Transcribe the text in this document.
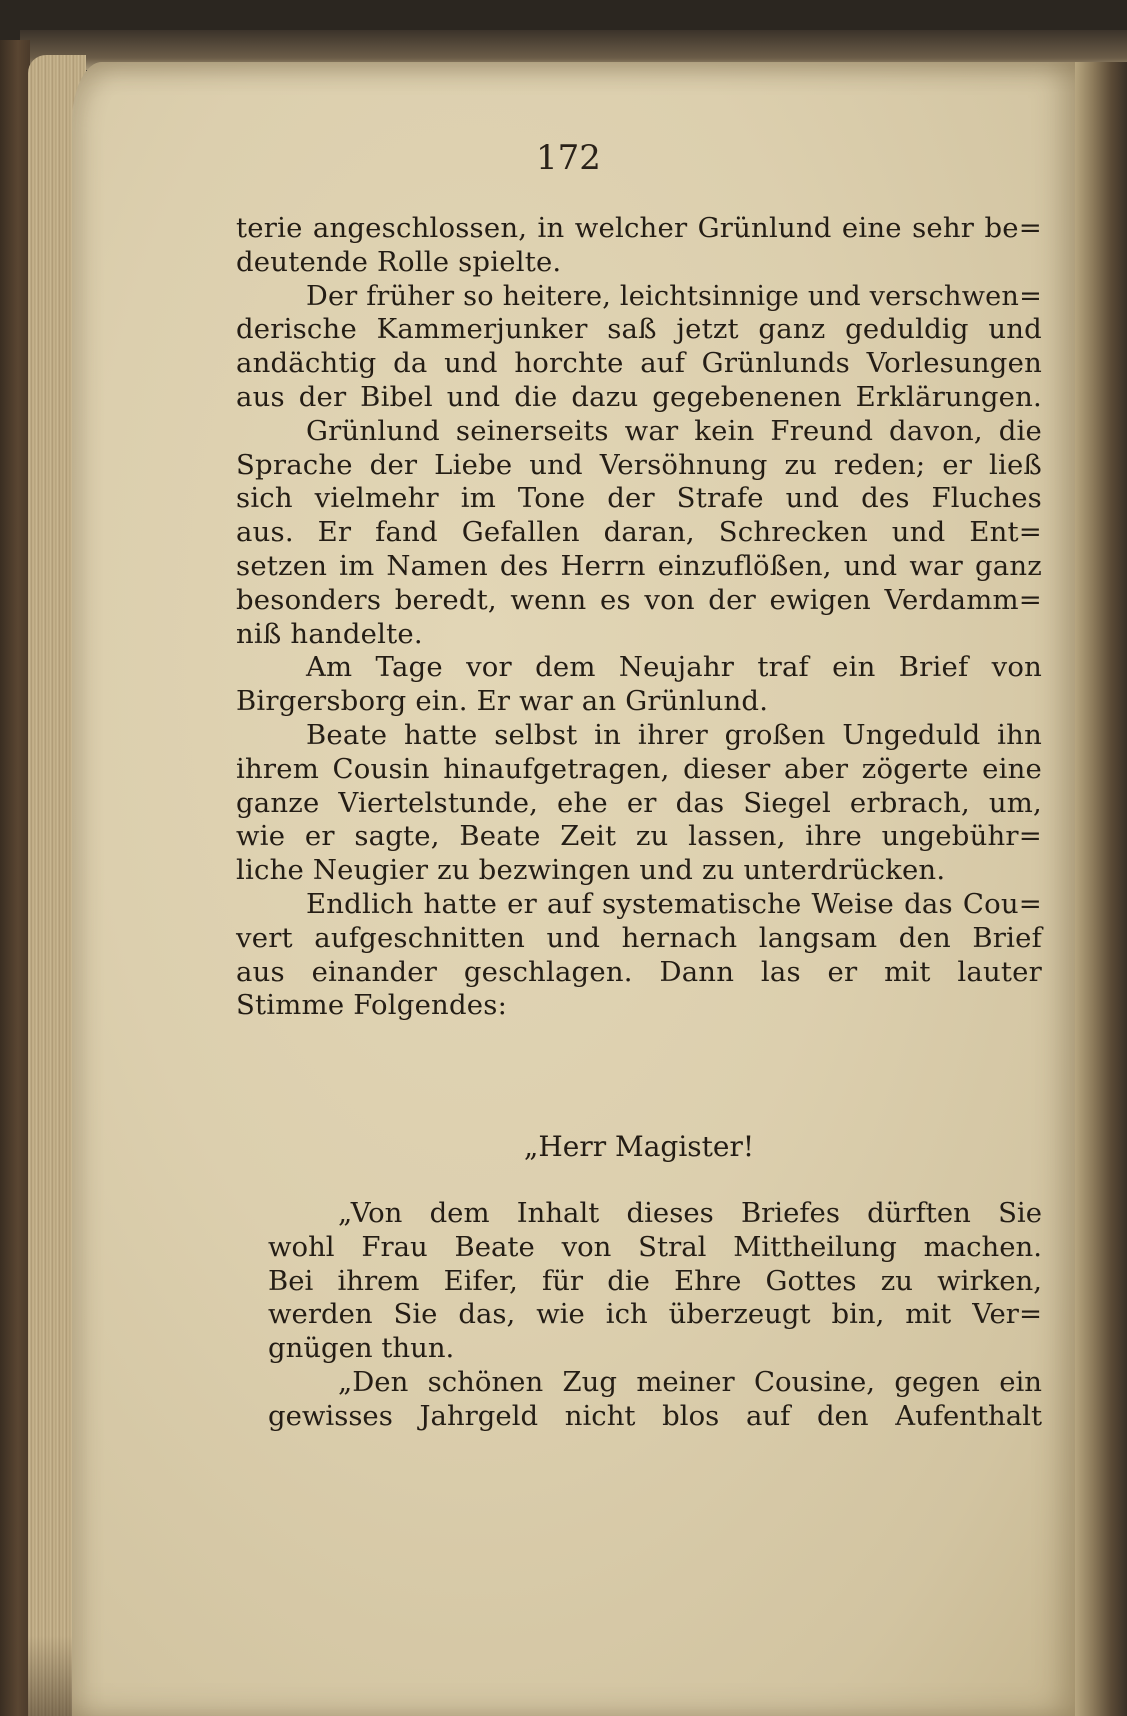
172
terie angeschlossen, in welcher Grünlund eine sehr be=
deutende Rolle spielte.
Der früher so heitere, leichtsinnige und verschwen=
derische Kammerjunker saß jetzt ganz geduldig und
andächtig da und horchte auf Grünlunds Vorlesungen
aus der Bibel und die dazu gegebenenen Erklärungen.
Grünlund seinerseits war kein Freund davon, die
Sprache der Liebe und Versöhnung zu reden; er ließ
sich vielmehr im Tone der Strafe und des Fluches
aus. Er fand Gefallen daran, Schrecken und Ent=
setzen im Namen des Herrn einzuflößen, und war ganz
besonders beredt, wenn es von der ewigen Verdamm=
niß handelte.
Am Tage vor dem Neujahr traf ein Brief von
Birgersborg ein. Er war an Grünlund.
Beate hatte selbst in ihrer großen Ungeduld ihn
ihrem Cousin hinaufgetragen, dieser aber zögerte eine
ganze Viertelstunde, ehe er das Siegel erbrach, um,
wie er sagte, Beate Zeit zu lassen, ihre ungebühr=
liche Neugier zu bezwingen und zu unterdrücken.
Endlich hatte er auf systematische Weise das Cou=
vert aufgeschnitten und hernach langsam den Brief
aus einander geschlagen. Dann las er mit lauter
Stimme Folgendes:
„Herr Magister!
„Von dem Inhalt dieses Briefes dürften Sie
wohl Frau Beate von Stral Mittheilung machen.
Bei ihrem Eifer, für die Ehre Gottes zu wirken,
werden Sie das, wie ich überzeugt bin, mit Ver=
gnügen thun.
„Den schönen Zug meiner Cousine, gegen ein
gewisses Jahrgeld nicht blos auf den Aufenthalt
